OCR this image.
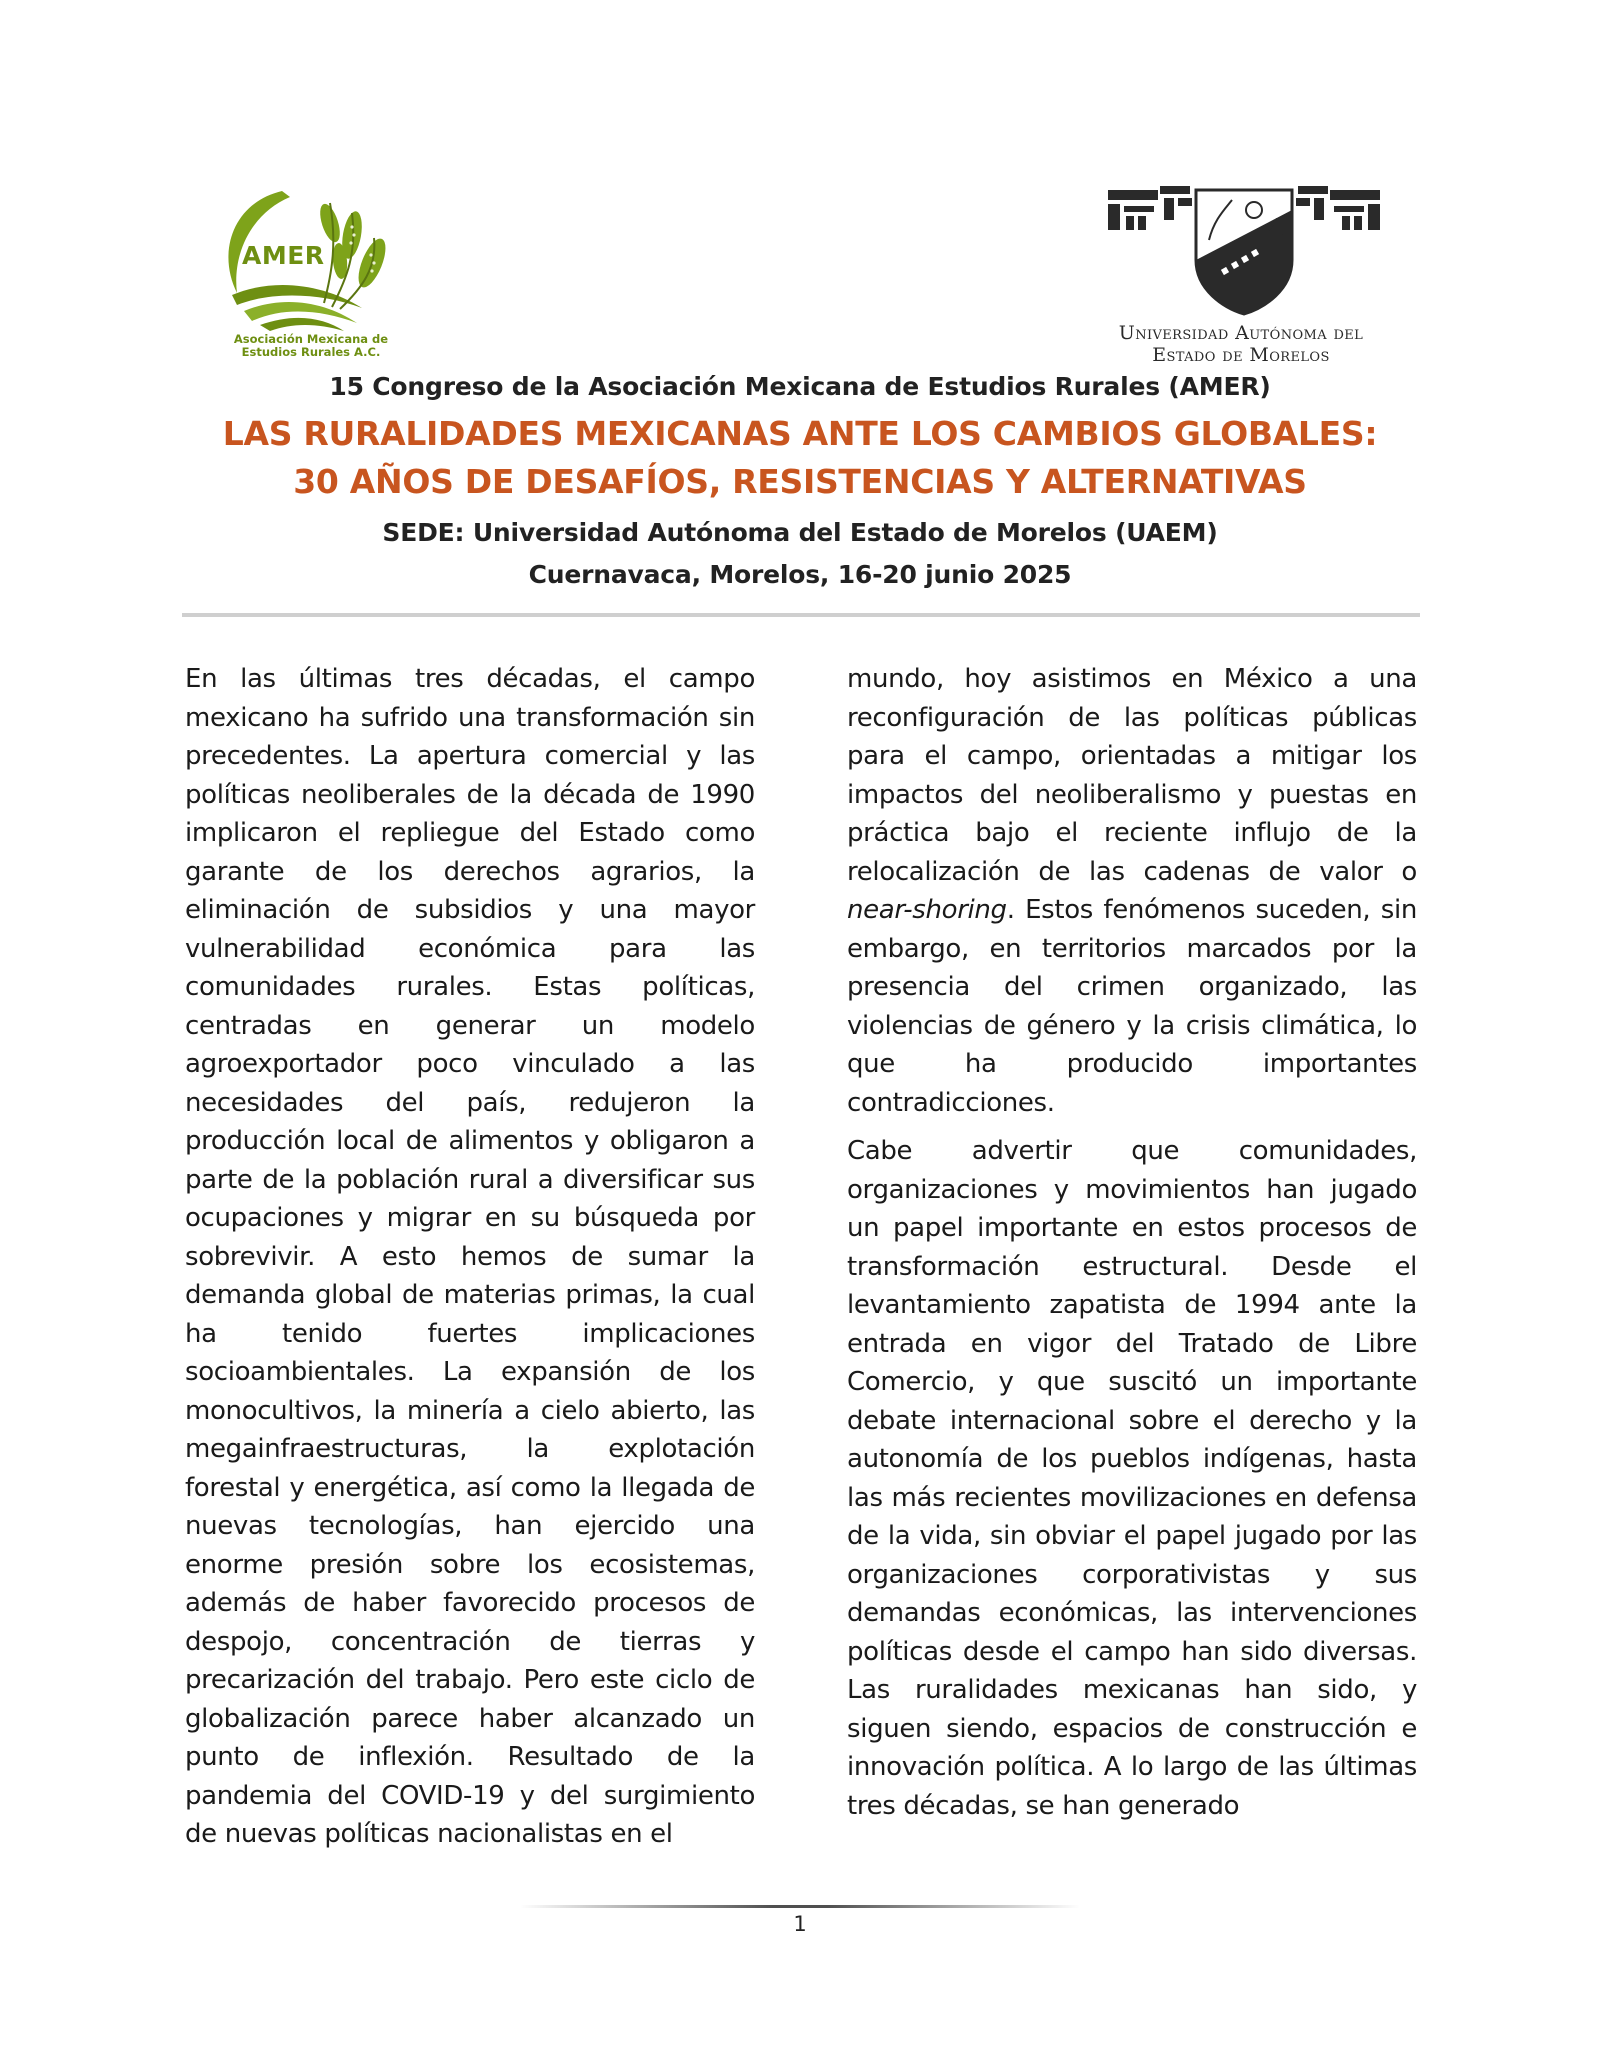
AMER
Asociación Mexicana de
Estudios Rurales A.C.
Universidad Autónoma del
Estado de Morelos
15 Congreso de la Asociación Mexicana de Estudios Rurales (AMER)
LAS RURALIDADES MEXICANAS ANTE LOS CAMBIOS GLOBALES:
30 AÑOS DE DESAFÍOS, RESISTENCIAS Y ALTERNATIVAS
SEDE: Universidad Autónoma del Estado de Morelos (UAEM)
Cuernavaca, Morelos, 16-20 junio 2025

En las últimas tres décadas, el campo mexicano ha sufrido una transformación sin precedentes. La apertura comercial y las políticas neoliberales de la década de 1990 implicaron el repliegue del Estado como garante de los derechos agrarios, la eliminación de subsidios y una mayor vulnerabilidad económica para las comunidades rurales. Estas políticas, centradas en generar un modelo agroexportador poco vinculado a las necesidades del país, redujeron la producción local de alimentos y obligaron a parte de la población rural a diversificar sus ocupaciones y migrar en su búsqueda por sobrevivir. A esto hemos de sumar la demanda global de materias primas, la cual ha tenido fuertes implicaciones socioambientales. La expansión de los monocultivos, la minería a cielo abierto, las megainfraestructuras, la explotación forestal y energética, así como la llegada de nuevas tecnologías, han ejercido una enorme presión sobre los ecosistemas, además de haber favorecido procesos de despojo, concentración de tierras y precarización del trabajo. Pero este ciclo de globalización parece haber alcanzado un punto de inflexión. Resultado de la pandemia del COVID-19 y del surgimiento de nuevas políticas nacionalistas en el

mundo, hoy asistimos en México a una reconfiguración de las políticas públicas para el campo, orientadas a mitigar los impactos del neoliberalismo y puestas en práctica bajo el reciente influjo de la relocalización de las cadenas de valor o near-shoring. Estos fenómenos suceden, sin embargo, en territorios marcados por la presencia del crimen organizado, las violencias de género y la crisis climática, lo que ha producido importantes contradicciones.

Cabe advertir que comunidades, organizaciones y movimientos han jugado un papel importante en estos procesos de transformación estructural. Desde el levantamiento zapatista de 1994 ante la entrada en vigor del Tratado de Libre Comercio, y que suscitó un importante debate internacional sobre el derecho y la autonomía de los pueblos indígenas, hasta las más recientes movilizaciones en defensa de la vida, sin obviar el papel jugado por las organizaciones corporativistas y sus demandas económicas, las intervenciones políticas desde el campo han sido diversas. Las ruralidades mexicanas han sido, y siguen siendo, espacios de construcción e innovación política. A lo largo de las últimas tres décadas, se han generado

1
